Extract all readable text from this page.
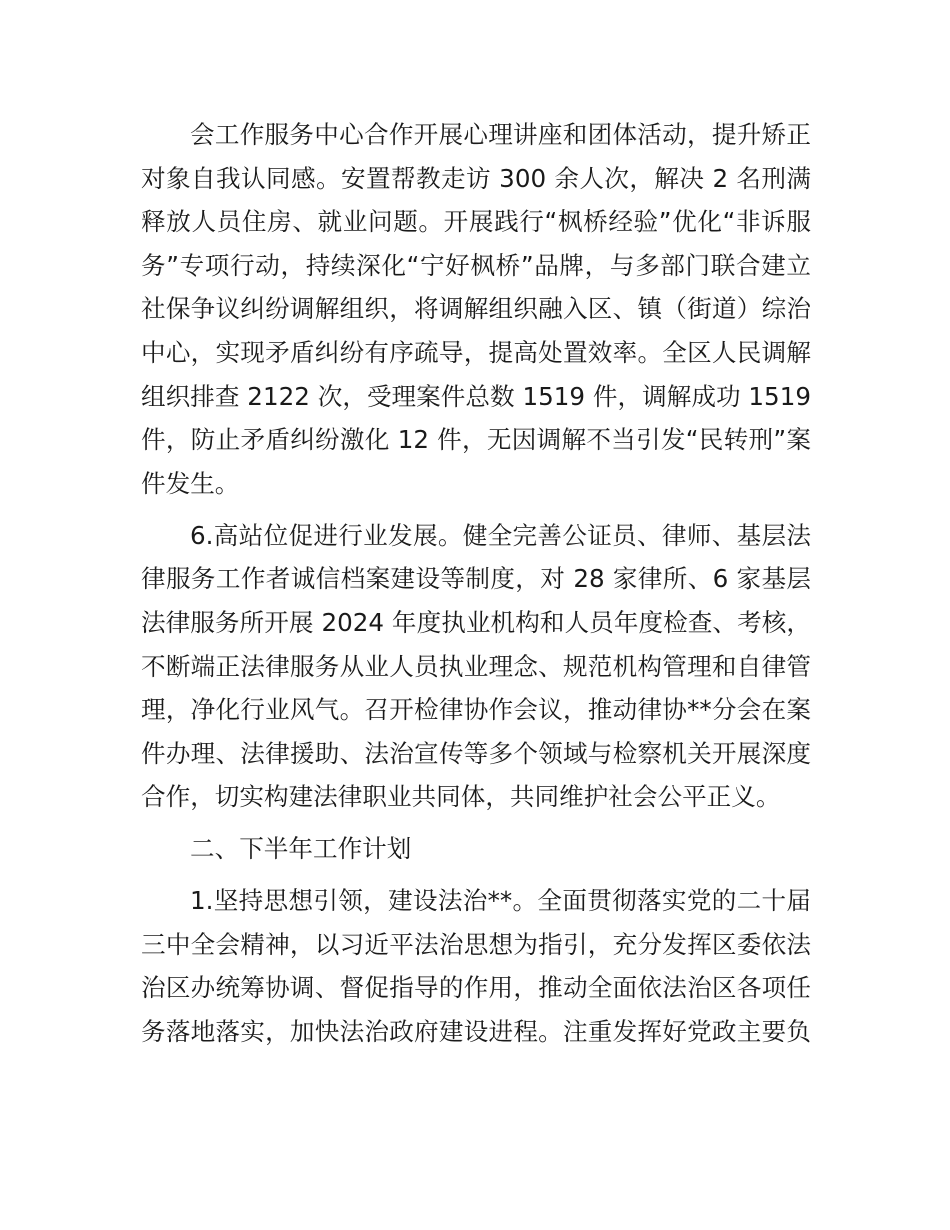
会工作服务中心合作开展心理讲座和团体活动，提升矫正
对象自我认同感。安置帮教走访 300 余人次，解决 2 名刑满
释放人员住房、就业问题。开展践行“枫桥经验”优化“非诉服
务”专项行动，持续深化“宁好枫桥”品牌，与多部门联合建立
社保争议纠纷调解组织，将调解组织融入区、镇（街道）综治
中心，实现矛盾纠纷有序疏导，提高处置效率。全区人民调解
组织排查 2122 次，受理案件总数 1519 件，调解成功 1519
件，防止矛盾纠纷激化 12 件，无因调解不当引发“民转刑”案
件发生。
6.高站位促进行业发展。健全完善公证员、律师、基层法
律服务工作者诚信档案建设等制度，对 28 家律所、6 家基层
法律服务所开展 2024 年度执业机构和人员年度检查、考核，
不断端正法律服务从业人员执业理念、规范机构管理和自律管
理，净化行业风气。召开检律协作会议，推动律协**分会在案
件办理、法律援助、法治宣传等多个领域与检察机关开展深度
合作，切实构建法律职业共同体，共同维护社会公平正义。
二、下半年工作计划
1.坚持思想引领，建设法治**。全面贯彻落实党的二十届
三中全会精神，以习近平法治思想为指引，充分发挥区委依法
治区办统筹协调、督促指导的作用，推动全面依法治区各项任
务落地落实，加快法治政府建设进程。注重发挥好党政主要负
